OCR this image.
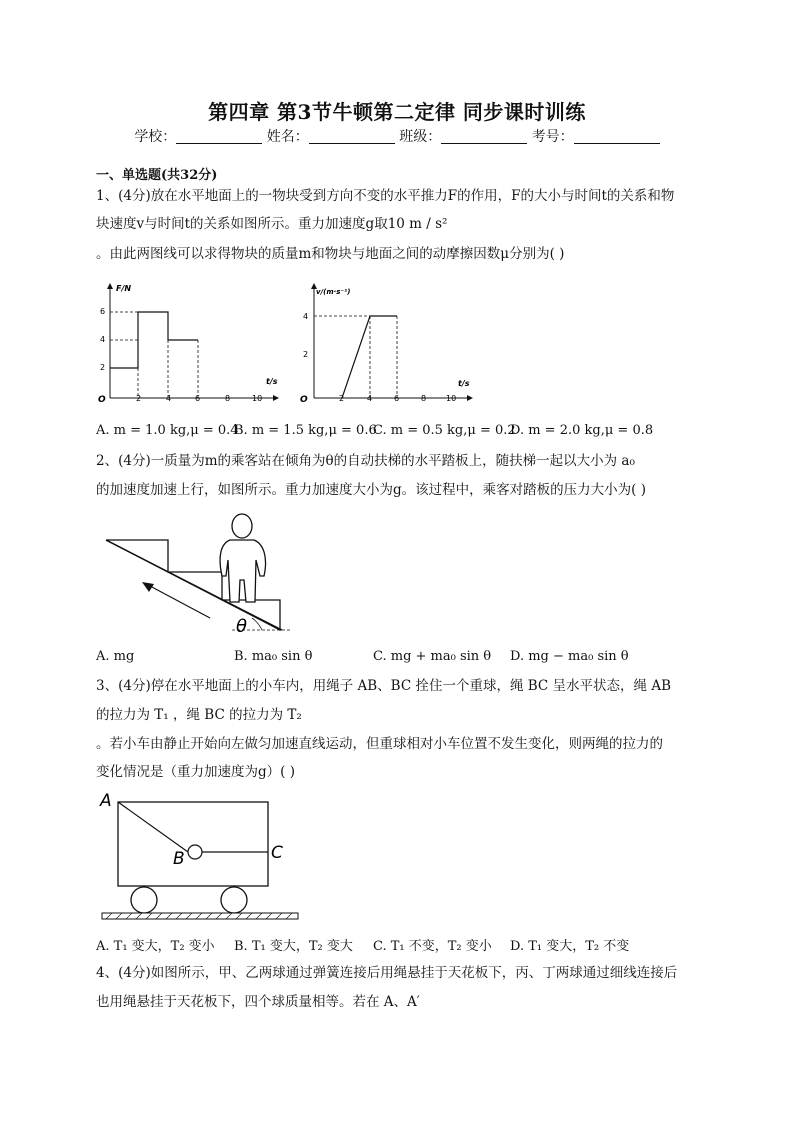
第四章 第3节牛顿第二定律 同步课时训练
学校：	姓名：	班级：	考号：
一、单选题(共32分)
1、(4分)放在水平地面上的一物块受到方向不变的水平推力F的作用，F的大小与时间t的关系和物
块速度v与时间t的关系如图所示。重力加速度g取10 m / s²
。由此两图线可以求得物块的质量m和物块与地面之间的动摩擦因数μ分别为( )
F/N
t/s
O	2	4	6	8	10
2
4
6
v/(m·s⁻¹)
t/s
O	2	4	6	8 10
2
4
A. m = 1.0 kg,μ = 0.4
B. m = 1.5 kg,μ = 0.6
C. m = 0.5 kg,μ = 0.2
D. m = 2.0 kg,μ = 0.8
2、(4分)一质量为m的乘客站在倾角为θ的自动扶梯的水平踏板上，随扶梯一起以大小为 a₀
的加速度加速上行，如图所示。重力加速度大小为g。该过程中，乘客对踏板的压力大小为( )
θ
A. mg	B. ma₀ sin θ	C. mg + ma₀ sin θ D. mg − ma₀ sin θ
3、(4分)停在水平地面上的小车内，用绳子 AB、BC 拴住一个重球，绳 BC 呈水平状态，绳 AB
的拉力为 T₁ ，绳 BC 的拉力为 T₂
。若小车由静止开始向左做匀加速直线运动，但重球相对小车位置不发生变化，则两绳的拉力的
变化情况是（重力加速度为g）( )
A
B	C
A. T₁ 变大，T₂ 变小 B. T₁ 变大，T₂ 变大 C. T₁ 不变，T₂ 变小 D. T₁ 变大，T₂ 不变
4、(4分)如图所示，甲、乙两球通过弹簧连接后用绳悬挂于天花板下，丙、丁两球通过细线连接后
也用绳悬挂于天花板下，四个球质量相等。若在 A、A′
